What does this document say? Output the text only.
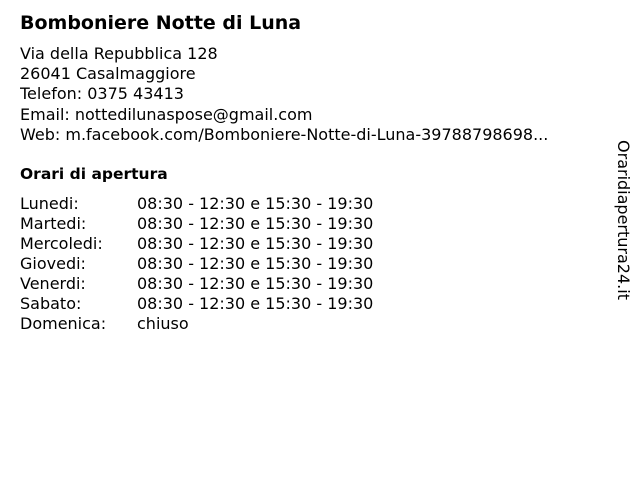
Bomboniere Notte di Luna
Via della Repubblica 128
26041 Casalmaggiore
Telefon: 0375 43413
Email: nottedilunaspose@gmail.com
Web: m.facebook.com/Bomboniere-Notte-di-Luna-39788798698...
Orari di apertura
Lunedi:	08:30 - 12:30 e 15:30 - 19:30
Martedi:	08:30 - 12:30 e 15:30 - 19:30
Mercoledi: 08:30 - 12:30 e 15:30 - 19:30
Giovedi:	08:30 - 12:30 e 15:30 - 19:30
Venerdi:	08:30 - 12:30 e 15:30 - 19:30
Sabato:	08:30 - 12:30 e 15:30 - 19:30
Domenica: chiuso
Oraridiapertura24.it
